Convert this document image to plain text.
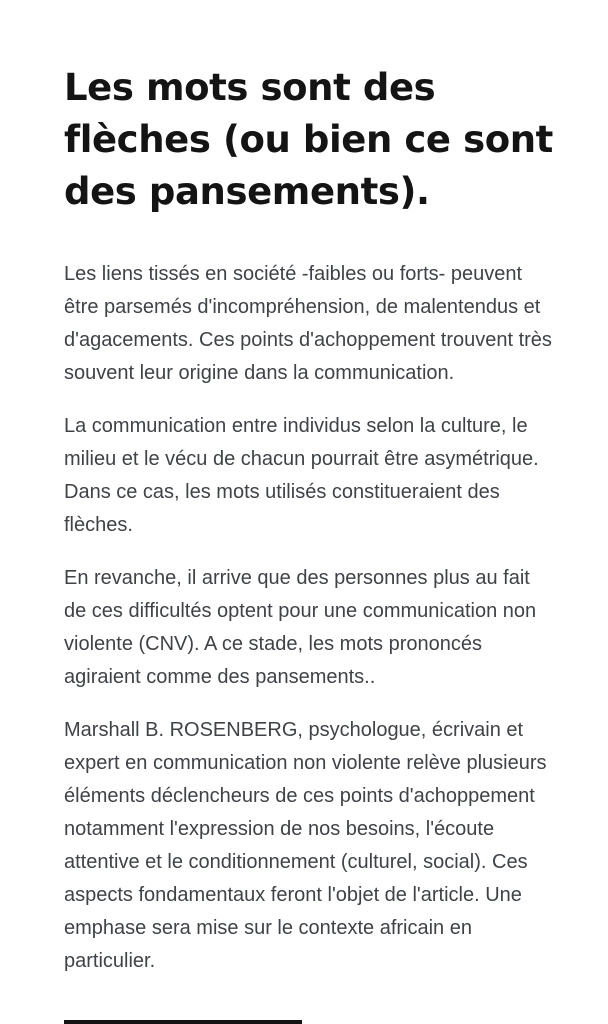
Les mots sont des flèches (ou bien ce sont des pansements).

Les liens tissés en société -faibles ou forts- peuvent être parsemés d'incompréhension, de malentendus et d'agacements. Ces points d'achoppement trouvent très souvent leur origine dans la communication.

La communication entre individus selon la culture, le milieu et le vécu de chacun pourrait être asymétrique. Dans ce cas, les mots utilisés constitueraient des flèches.

En revanche, il arrive que des personnes plus au fait de ces difficultés optent pour une communication non violente (CNV). A ce stade, les mots prononcés agiraient comme des pansements..

Marshall B. ROSENBERG, psychologue, écrivain et expert en communication non violente relève plusieurs éléments déclencheurs de ces points d'achoppement notamment l'expression de nos besoins, l'écoute attentive et le conditionnement (culturel, social). Ces aspects fondamentaux feront l'objet de l'article. Une emphase sera mise sur le contexte africain en particulier.
